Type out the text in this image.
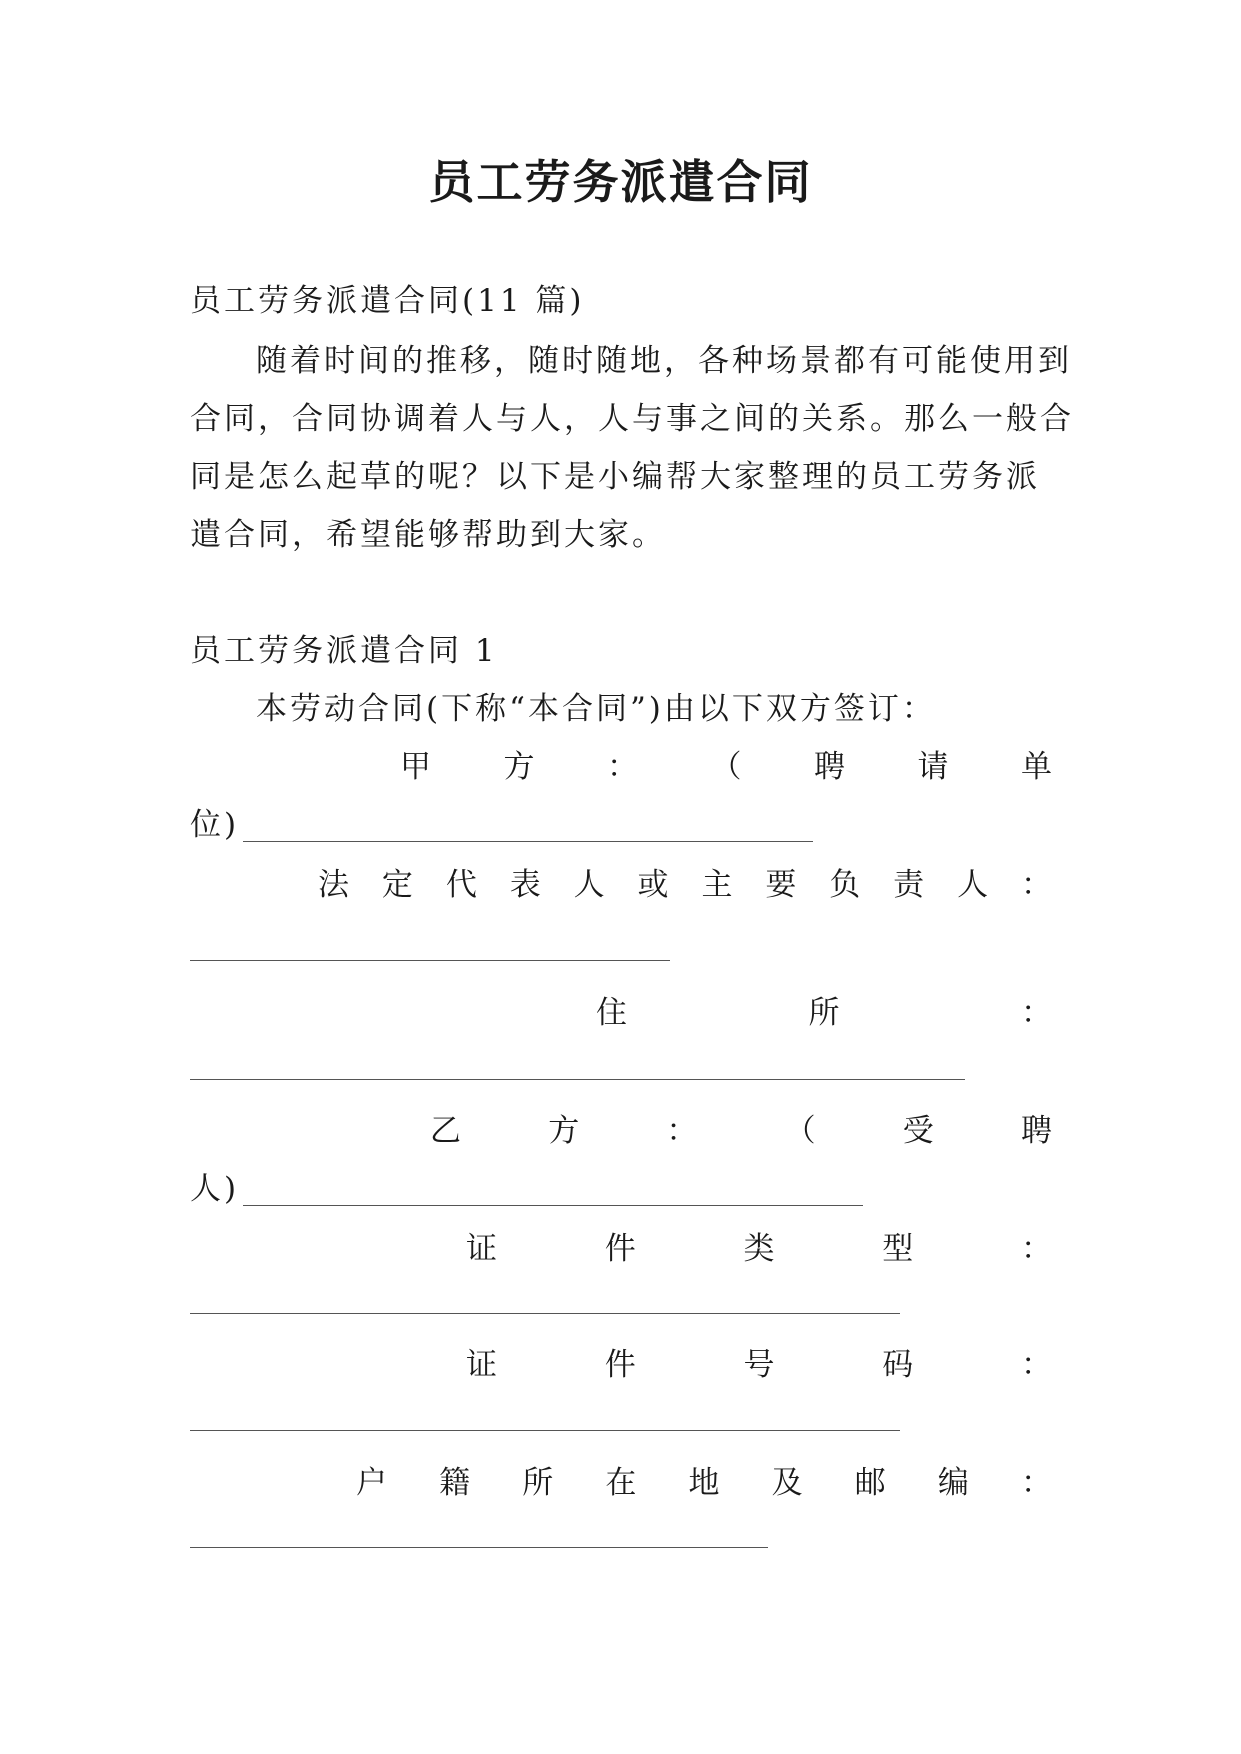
员工劳务派遣合同
员工劳务派遣合同(11 篇)
随着时间的推移，随时随地，各种场景都有可能使用到
合同，合同协调着人与人，人与事之间的关系。那么一般合
同是怎么起草的呢？以下是小编帮大家整理的员工劳务派
遣合同，希望能够帮助到大家。
员工劳务派遣合同 1
本劳动合同(下称“本合同”)由以下双方签订：
甲 方 ： （ 聘 请 单
位)
法 定 代 表 人 或 主 要 负 责 人 ：
住	所	：
乙	方	：	（	受	聘
人)
证	件	类	型	：
证	件	号	码	：
户 籍 所 在 地 及 邮 编 ：
